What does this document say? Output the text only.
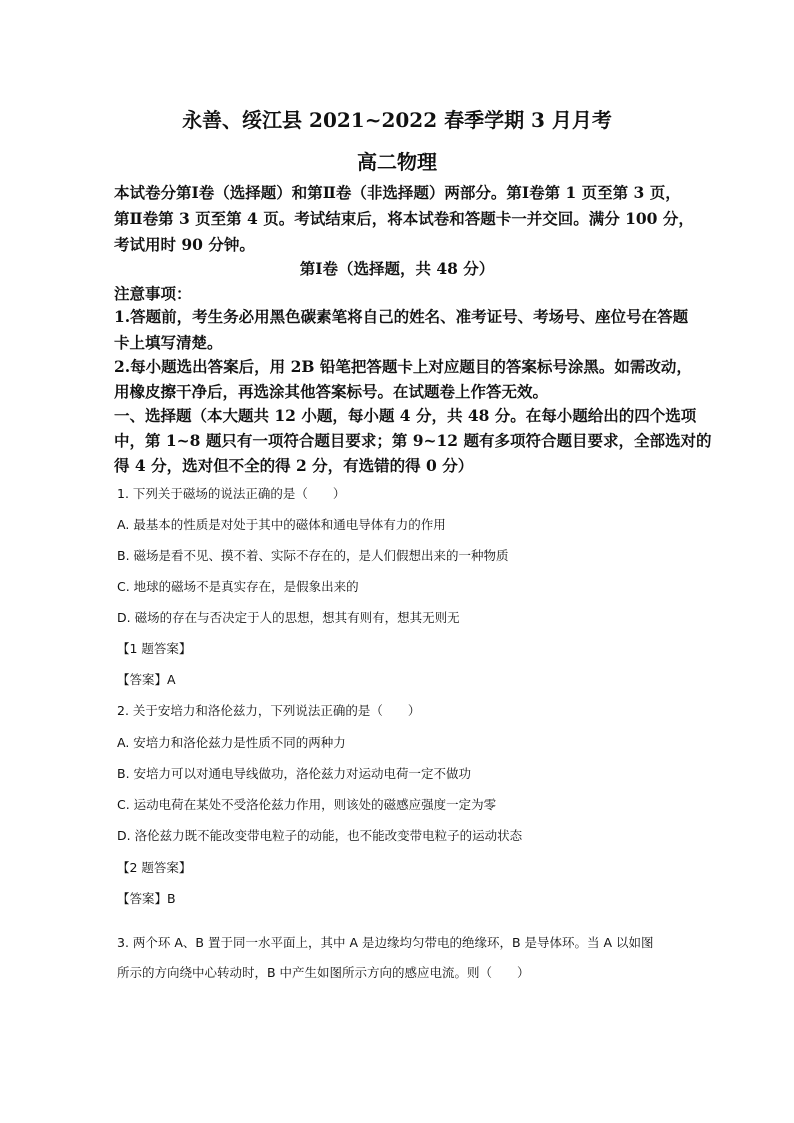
永善、绥江县 2021~2022 春季学期 3 月月考
高二物理
本试卷分第Ⅰ卷（选择题）和第Ⅱ卷（非选择题）两部分。第Ⅰ卷第 1 页至第 3 页，
第Ⅱ卷第 3 页至第 4 页。考试结束后，将本试卷和答题卡一并交回。满分 100 分，
考试用时 90 分钟。
第Ⅰ卷（选择题，共 48 分）
注意事项：
1.答题前，考生务必用黑色碳素笔将自己的姓名、准考证号、考场号、座位号在答题
卡上填写清楚。
2.每小题选出答案后，用 2B 铅笔把答题卡上对应题目的答案标号涂黑。如需改动，
用橡皮擦干净后，再选涂其他答案标号。在试题卷上作答无效。
一、选择题（本大题共 12 小题，每小题 4 分，共 48 分。在每小题给出的四个选项
中，第 1~8 题只有一项符合题目要求；第 9~12 题有多项符合题目要求，全部选对的
得 4 分，选对但不全的得 2 分，有选错的得 0 分）
1. 下列关于磁场的说法正确的是（　　）
A. 最基本的性质是对处于其中的磁体和通电导体有力的作用
B. 磁场是看不见、摸不着、实际不存在的，是人们假想出来的一种物质
C. 地球的磁场不是真实存在，是假象出来的
D. 磁场的存在与否决定于人的思想，想其有则有，想其无则无
【1 题答案】
【答案】A
2. 关于安培力和洛伦兹力，下列说法正确的是（　　）
A. 安培力和洛伦兹力是性质不同的两种力
B. 安培力可以对通电导线做功，洛伦兹力对运动电荷一定不做功
C. 运动电荷在某处不受洛伦兹力作用，则该处的磁感应强度一定为零
D. 洛伦兹力既不能改变带电粒子的动能，也不能改变带电粒子的运动状态
【2 题答案】
【答案】B
3. 两个环 A、B 置于同一水平面上，其中 A 是边缘均匀带电的绝缘环，B 是导体环。当 A 以如图
所示的方向绕中心转动时，B 中产生如图所示方向的感应电流。则（　　）
